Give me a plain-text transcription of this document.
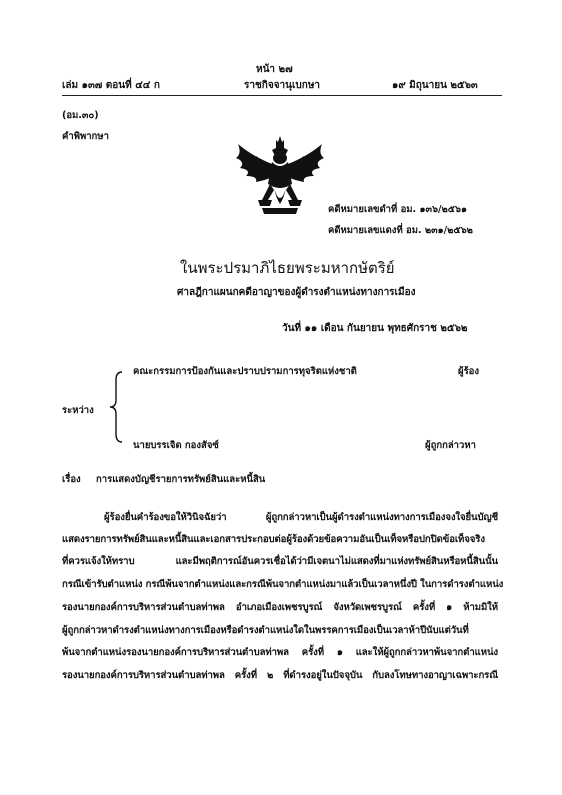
หน้า ๒๗
เล่ม ๑๓๗ ตอนที่ ๔๔ ก	ราชกิจจานุเบกษา	๑๙ มิถุนายน ๒๕๖๓
(อม.๓๐)
คำพิพากษา
คดีหมายเลขดำที่ อม. ๑๓๖/๒๕๖๑
คดีหมายเลขแดงที่ อม. ๒๓๑/๒๕๖๒
ในพระปรมาภิไธยพระมหากษัตริย์
ศาลฎีกาแผนกคดีอาญาของผู้ดำรงตำแหน่งทางการเมือง
วันที่ ๑๑ เดือน กันยายน พุทธศักราช ๒๕๖๒
คณะกรรมการป้องกันและปราบปรามการทุจริตแห่งชาติ	ผู้ร้อง
ระหว่าง
นายบรรเจิด กองสัจซ์	ผู้ถูกกล่าวหา
เรื่อง การแสดงบัญชีรายการทรัพย์สินและหนี้สิน
ผู้ร้องยื่นคำร้องขอให้วินิจฉัยว่า ผู้ถูกกล่าวหาเป็นผู้ดำรงตำแหน่งทางการเมืองจงใจยื่นบัญชี
แสดงรายการทรัพย์สินและหนี้สินและเอกสารประกอบต่อผู้ร้องด้วยข้อความอันเป็นเท็จหรือปกปิดข้อเท็จจริง
ที่ควรแจ้งให้ทราบ และมีพฤติการณ์อันควรเชื่อได้ว่ามีเจตนาไม่แสดงที่มาแห่งทรัพย์สินหรือหนี้สินนั้น
กรณีเข้ารับตำแหน่ง กรณีพ้นจากตำแหน่งและกรณีพ้นจากตำแหน่งมาแล้วเป็นเวลาหนึ่งปี ในการดำรงตำแหน่ง
รองนายกองค์การบริหารส่วนตำบลท่าพล อำเภอเมืองเพชรบูรณ์ จังหวัดเพชรบูรณ์ ครั้งที่ ๑ ห้ามมิให้
ผู้ถูกกล่าวหาดำรงตำแหน่งทางการเมืองหรือดำรงตำแหน่งใดในพรรคการเมืองเป็นเวลาห้าปีนับแต่วันที่
พ้นจากตำแหน่งรองนายกองค์การบริหารส่วนตำบลท่าพล ครั้งที่ ๑ และให้ผู้ถูกกล่าวหาพ้นจากตำแหน่ง
รองนายกองค์การบริหารส่วนตำบลท่าพล ครั้งที่ ๒ ที่ดำรงอยู่ในปัจจุบัน กับลงโทษทางอาญาเฉพาะกรณี
